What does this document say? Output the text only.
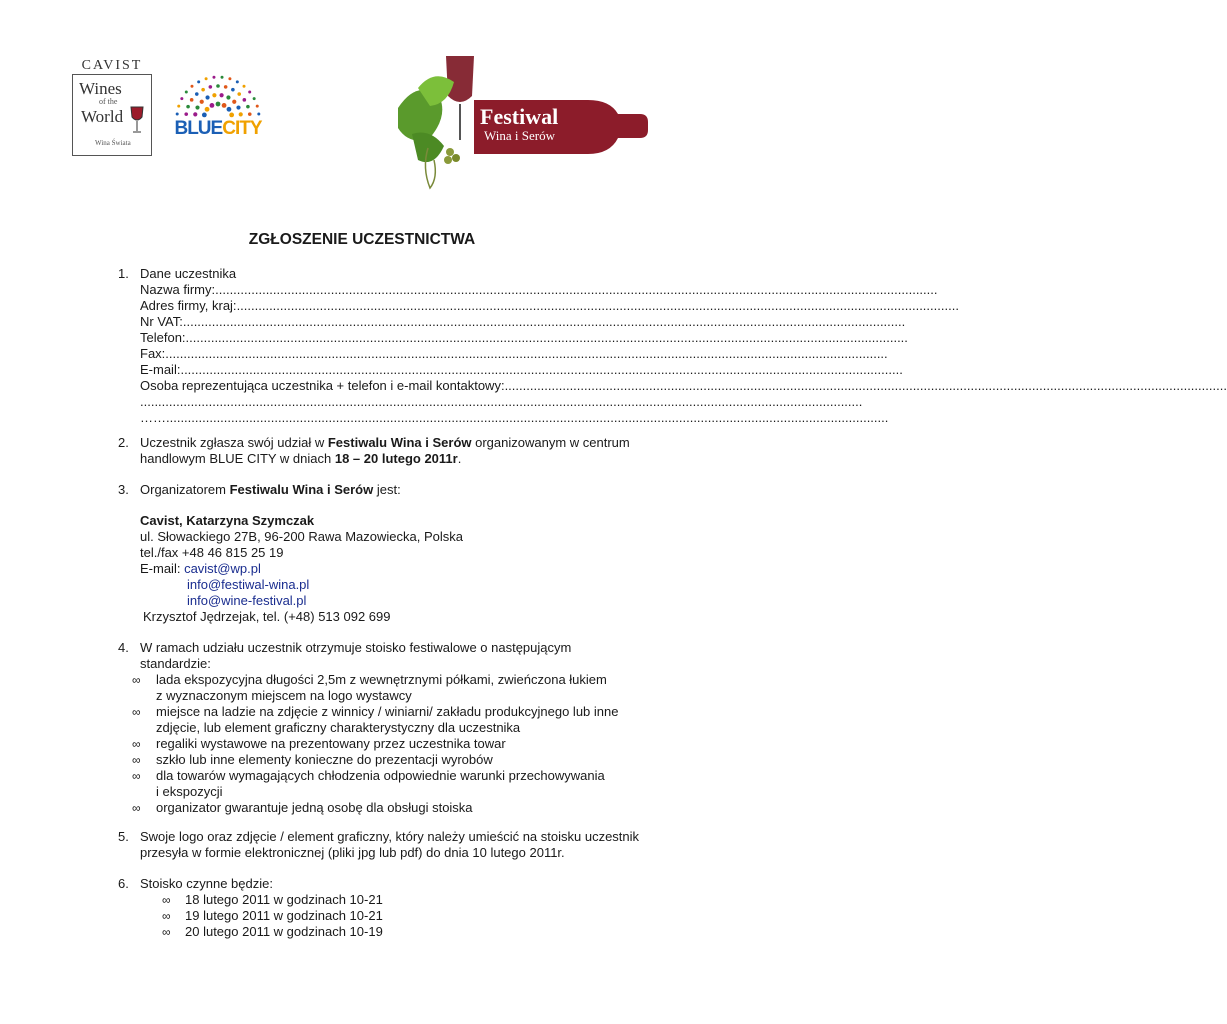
CAVIST
Wines
of the
World
Wina Świata
BLUECITY	Festiwal
Wina i Serów
ZGŁOSZENIE UCZESTNICTWA
1. Dane uczestnika
Nazwa firmy: ........................................................................................................................................................................................................
Adres firmy, kraj: ........................................................................................................................................................................................................
Nr VAT: ........................................................................................................................................................................................................
Telefon: ........................................................................................................................................................................................................
Fax: ........................................................................................................................................................................................................
E-mail: ........................................................................................................................................................................................................
Osoba reprezentująca uczestnika + telefon i e-mail kontaktowy: ........................................................................................................................................................................................................
........................................................................................................................................................................................................
…… ........................................................................................................................................................................................................
2. Uczestnik zgłasza swój udział w Festiwalu Wina i Serów organizowanym w centrum
handlowym BLUE CITY w dniach 18 – 20 lutego 2011r.
3. Organizatorem Festiwalu Wina i Serów jest:
Cavist, Katarzyna Szymczak
ul. Słowackiego 27B, 96-200 Rawa Mazowiecka, Polska
tel./fax +48 46 815 25 19
E-mail: cavist@wp.pl
info@festiwal-wina.pl
info@wine-festival.pl
Krzysztof Jędrzejak, tel. (+48) 513 092 699
4. W ramach udziału uczestnik otrzymuje stoisko festiwalowe o następującym
standardzie:
∞ lada ekspozycyjna długości 2,5m z wewnętrznymi półkami, zwieńczona łukiem
z wyznaczonym miejscem na logo wystawcy
∞ miejsce na ladzie na zdjęcie z winnicy / winiarni/ zakładu produkcyjnego lub inne
zdjęcie, lub element graficzny charakterystyczny dla uczestnika
∞ regaliki wystawowe na prezentowany przez uczestnika towar
∞ szkło lub inne elementy konieczne do prezentacji wyrobów
∞ dla towarów wymagających chłodzenia odpowiednie warunki przechowywania
i ekspozycji
∞ organizator gwarantuje jedną osobę dla obsługi stoiska
5. Swoje logo oraz zdjęcie / element graficzny, który należy umieścić na stoisku uczestnik
przesyła w formie elektronicznej (pliki jpg lub pdf) do dnia 10 lutego 2011r.
6. Stoisko czynne będzie:
∞ 18 lutego 2011 w godzinach 10-21
∞ 19 lutego 2011 w godzinach 10-21
∞ 20 lutego 2011 w godzinach 10-19
